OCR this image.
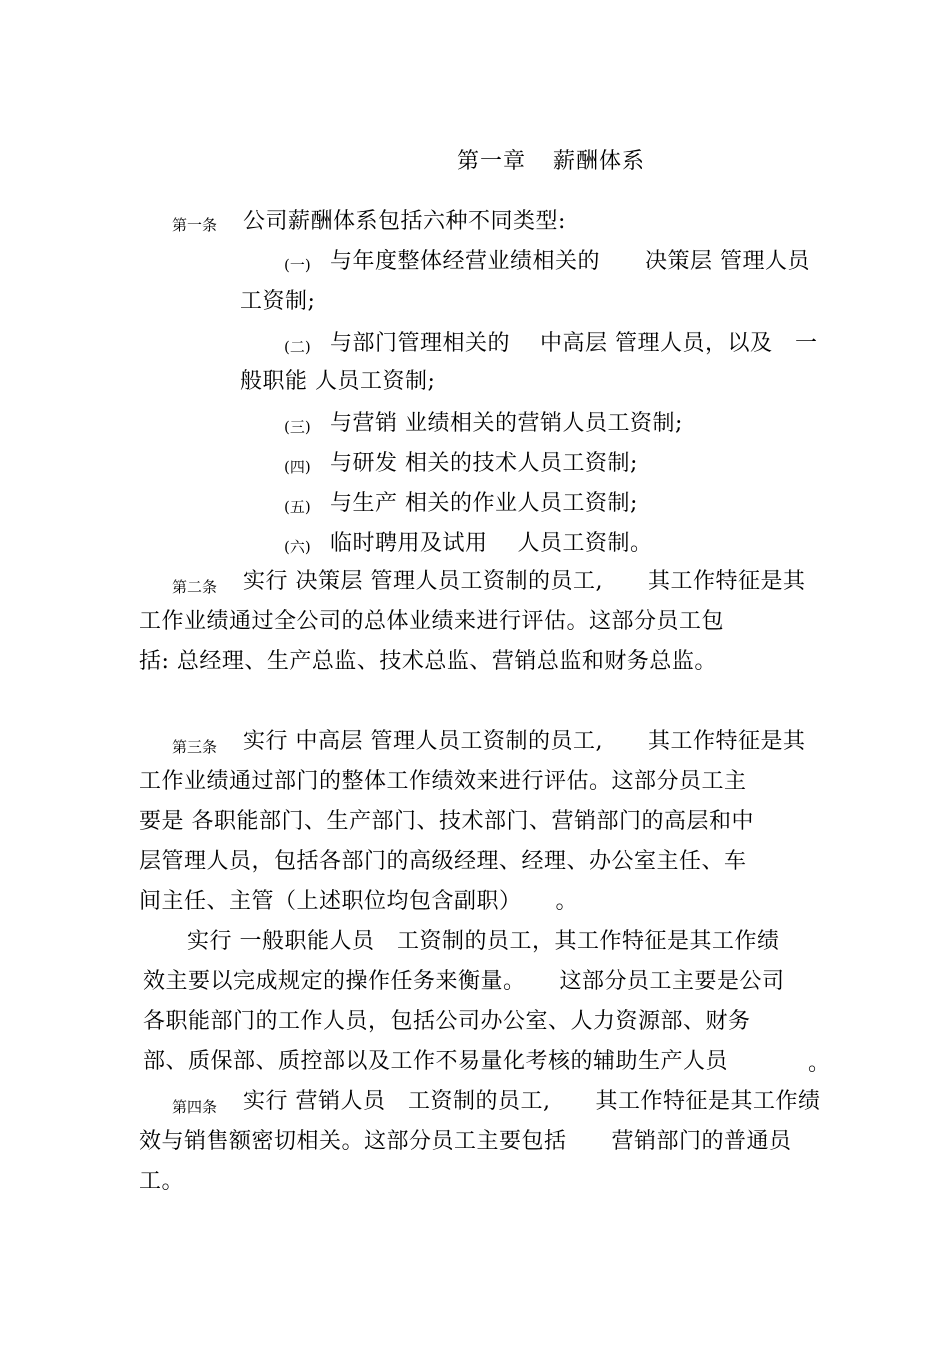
第一章 薪酬体系

第一条 公司薪酬体系包括六种不同类型:

(一) 与年度整体经营业绩相关的　　决策层 管理人员

工资制;

(二) 与部门管理相关的　 中高层 管理人员，以及　一

般职能 人员工资制;

(三) 与营销 业绩相关的营销人员工资制;

(四) 与研发 相关的技术人员工资制;

(五) 与生产 相关的作业人员工资制;

(六) 临时聘用及试用　 人员工资制。

第二条 实行 决策层 管理人员工资制的员工,　　其工作特征是其

工作业绩通过全公司的总体业绩来进行评估。这部分员工包

括: 总经理、生产总监、技术总监、营销总监和财务总监。

第三条 实行 中高层 管理人员工资制的员工,　　其工作特征是其

工作业绩通过部门的整体工作绩效来进行评估。这部分员工主

要是 各职能部门、生产部门、技术部门、营销部门的高层和中

层管理人员，包括各部门的高级经理、经理、办公室主任、车

间主任、主管（上述职位均包含副职）　　。

实行 一般职能人员　工资制的员工，其工作特征是其工作绩

效主要以完成规定的操作任务来衡量。　　这部分员工主要是公司

各职能部门的工作人员，包括公司办公室、人力资源部、财务

部、质保部、质控部以及工作不易量化考核的辅助生产人员	。

第四条 实行 营销人员　工资制的员工,　　其工作特征是其工作绩

效与销售额密切相关。这部分员工主要包括　　营销部门的普通员

工。
